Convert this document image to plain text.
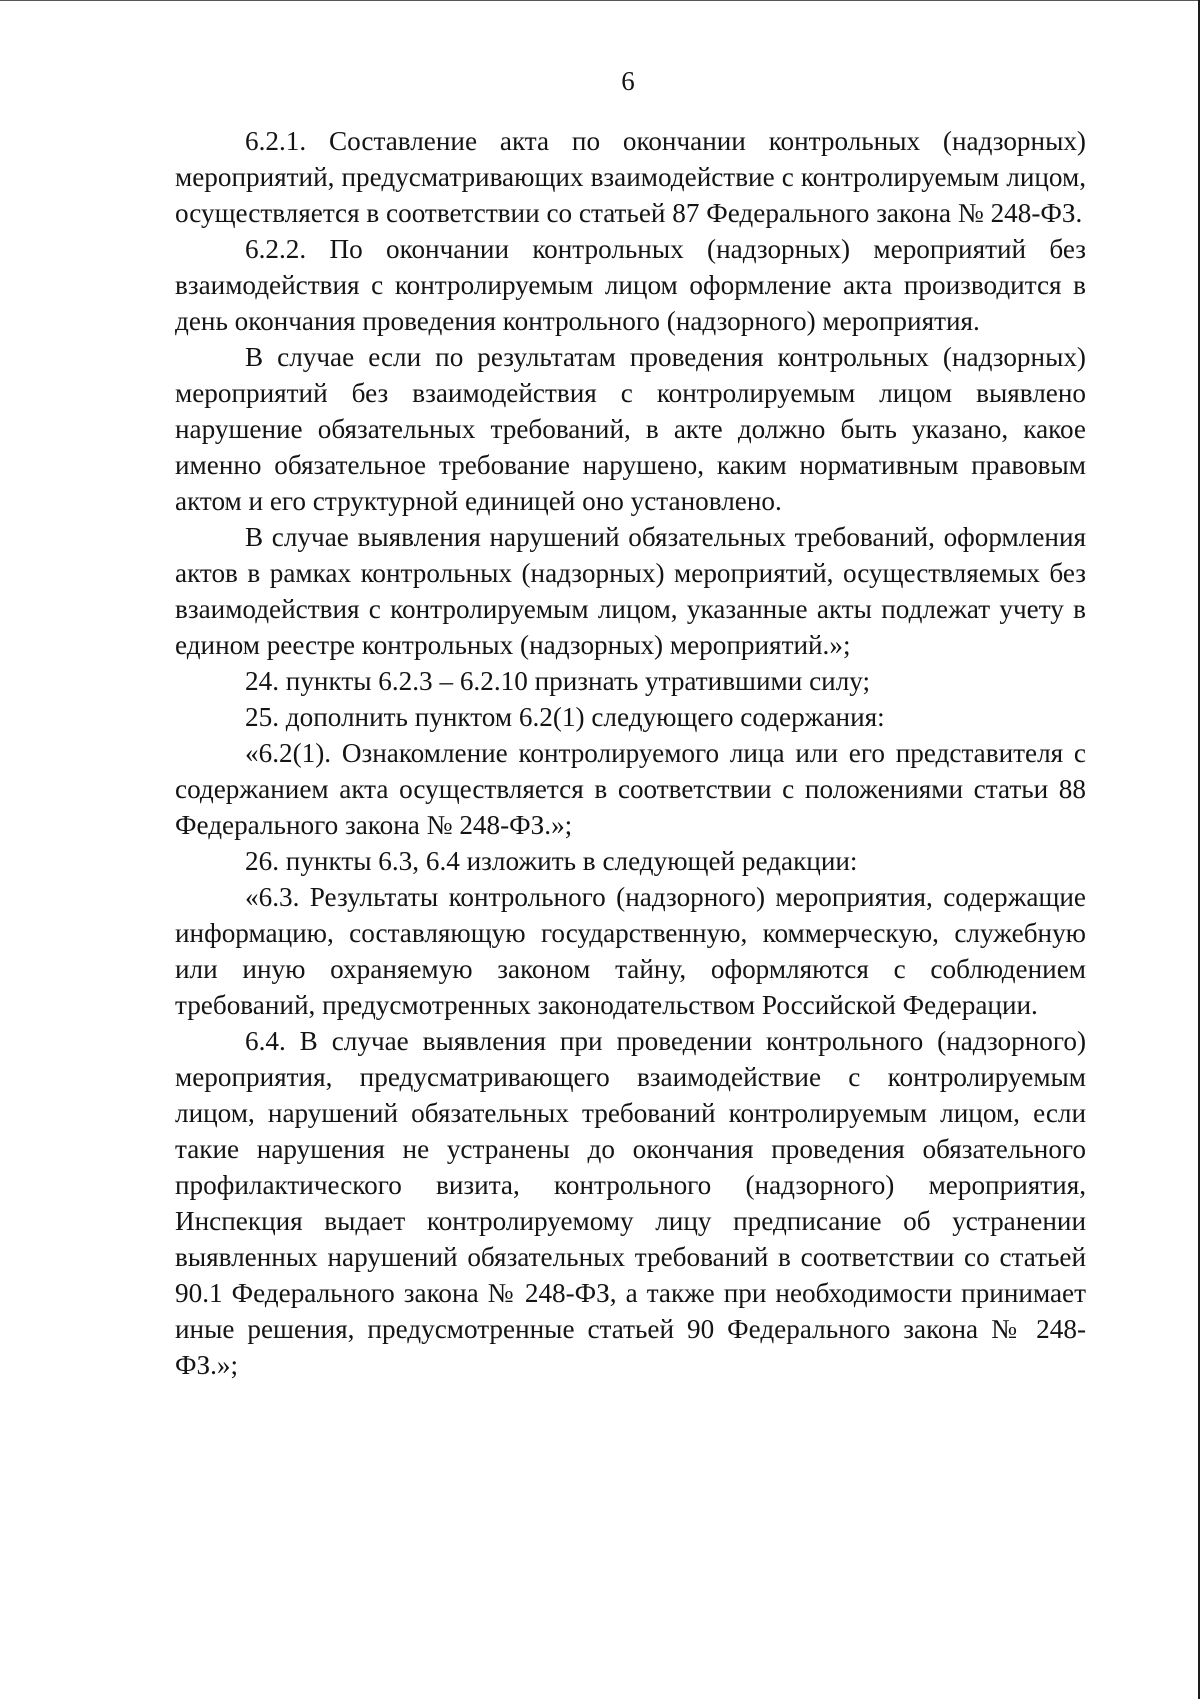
6

6.2.1. Составление акта по окончании контрольных (надзорных) мероприятий, предусматривающих взаимодействие с контролируемым лицом, осуществляется в соответствии со статьей 87 Федерального закона № 248-ФЗ.

6.2.2. По окончании контрольных (надзорных) мероприятий без взаимодействия с контролируемым лицом оформление акта производится в день окончания проведения контрольного (надзорного) мероприятия.

В случае если по результатам проведения контрольных (надзорных) мероприятий без взаимодействия с контролируемым лицом выявлено нарушение обязательных требований, в акте должно быть указано, какое именно обязательное требование нарушено, каким нормативным правовым актом и его структурной единицей оно установлено.

В случае выявления нарушений обязательных требований, оформления актов в рамках контрольных (надзорных) мероприятий, осуществляемых без взаимодействия с контролируемым лицом, указанные акты подлежат учету в едином реестре контрольных (надзорных) мероприятий.»;

24. пункты 6.2.3 – 6.2.10 признать утратившими силу;

25. дополнить пунктом 6.2(1) следующего содержания:

«6.2(1). Ознакомление контролируемого лица или его представителя с содержанием акта осуществляется в соответствии с положениями статьи 88 Федерального закона № 248-ФЗ.»;

26. пункты 6.3, 6.4 изложить в следующей редакции:

«6.3. Результаты контрольного (надзорного) мероприятия, содержащие информацию, составляющую государственную, коммерческую, служебную или иную охраняемую законом тайну, оформляются с соблюдением требований, предусмотренных законодательством Российской Федерации.

6.4. В случае выявления при проведении контрольного (надзорного) мероприятия, предусматривающего взаимодействие с контролируемым лицом, нарушений обязательных требований контролируемым лицом, если такие нарушения не устранены до окончания проведения обязательного профилактического визита, контрольного (надзорного) мероприятия, Инспекция выдает контролируемому лицу предписание об устранении выявленных нарушений обязательных требований в соответствии со статьей 90.1 Федерального закона № 248-ФЗ, а также при необходимости принимает иные решения, предусмотренные статьей 90 Федерального закона № 248-ФЗ.»;
